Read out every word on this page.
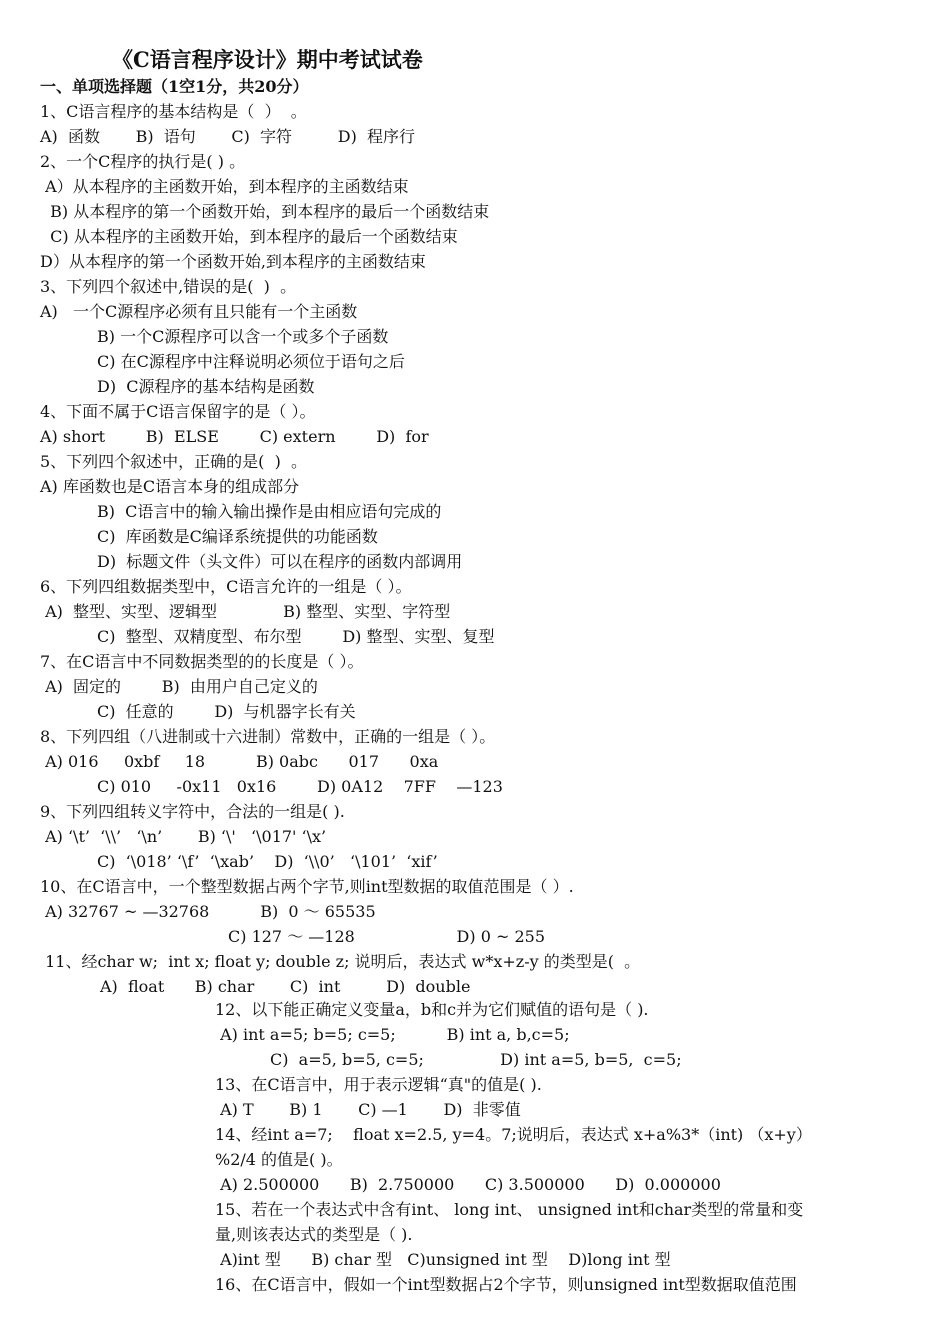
《C语言程序设计》期中考试试卷
一、单项选择题（1空1分，共20分）
1、C语言程序的基本结构是（  ）  。
A)  函数       B)  语句       C)  字符         D)  程序行
2、一个C程序的执行是( ) 。
A）从本程序的主函数开始，到本程序的主函数结束
B) 从本程序的第一个函数开始，到本程序的最后一个函数结束
C) 从本程序的主函数开始，到本程序的最后一个函数结束
D）从本程序的第一个函数开始,到本程序的主函数结束
3、下列四个叙述中,错误的是(  )  。
A)   一个C源程序必须有且只能有一个主函数
B) 一个C源程序可以含一个或多个子函数
C) 在C源程序中注释说明必须位于语句之后
D)  C源程序的基本结构是函数
4、下面不属于C语言保留字的是（ ）。
A) short        B)  ELSE        C) extern        D)  for
5、下列四个叙述中，正确的是(  )  。
A) 库函数也是C语言本身的组成部分
B)  C语言中的输入输出操作是由相应语句完成的
C)  库函数是C编译系统提供的功能函数
D)  标题文件（头文件）可以在程序的函数内部调用
6、下列四组数据类型中，C语言允许的一组是（ ）。
A)  整型、实型、逻辑型             B) 整型、实型、字符型
C)  整型、双精度型、布尔型        D) 整型、实型、复型
7、在C语言中不同数据类型的的长度是（ ）。
A)  固定的        B)  由用户自己定义的
C)  任意的        D)  与机器字长有关
8、下列四组（八进制或十六进制）常数中，正确的一组是（ ）。
A) 016     0xbf     18          B) 0abc      017      0xa
C) 010     -0x11   0x16        D) 0A12    7FF    —123
9、下列四组转义字符中，合法的一组是( ).
A) ‘\t’  ‘\\’   ‘\n’       B) ‘\'   ‘\017' ‘\x’
C)  ‘\018’ ‘\f’  ‘\xab’    D)  ‘\\0’   ‘\101’  ‘xif’
10、在C语言中，一个整型数据占两个字节,则int型数据的取值范围是（ ）.
A) 32767 ~ —32768          B)  0 ～ 65535
C) 127 ～ —128                    D) 0 ~ 255
11、经char w;  int x; float y; double z; 说明后，表达式 w*x+z-y 的类型是(  。
A)  float      B) char       C)  int         D)  double
12、以下能正确定义变量a，b和c并为它们赋值的语句是（ ).
A) int a=5; b=5; c=5;          B) int a, b,c=5;
C)  a=5, b=5, c=5;               D) int a=5, b=5,  c=5;
13、在C语言中，用于表示逻辑“真"的值是( ).
A) T       B) 1       C) —1       D)  非零值
14、经int a=7;    float x=2.5, y=4。7;说明后，表达式 x+a%3*（int) （x+y）
%2/4 的值是( )。
A) 2.500000      B)  2.750000      C) 3.500000      D)  0.000000
15、若在一个表达式中含有int、 long int、 unsigned int和char类型的常量和变
量,则该表达式的类型是（ ).
A)int 型      B) char 型   C)unsigned int 型    D)long int 型
16、在C语言中，假如一个int型数据占2个字节，则unsigned int型数据取值范围
